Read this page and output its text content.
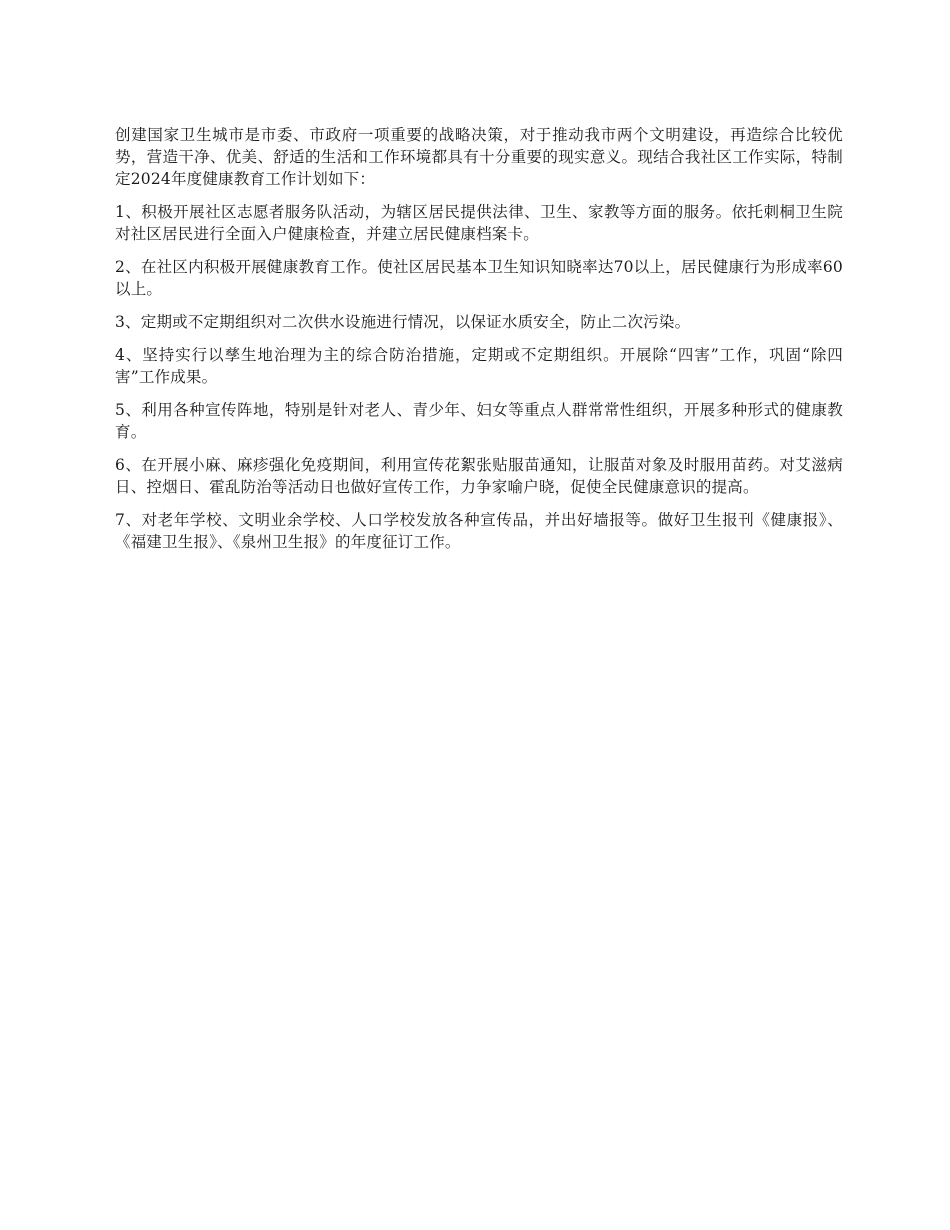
创建国家卫生城市是市委、市政府一项重要的战略决策，对于推动我市两个文明建设，再造综合比较优势，营造干净、优美、舒适的生活和工作环境都具有十分重要的现实意义。现结合我社区工作实际，特制定2024年度健康教育工作计划如下：

1、积极开展社区志愿者服务队活动，为辖区居民提供法律、卫生、家教等方面的服务。依托刺桐卫生院对社区居民进行全面入户健康检查，并建立居民健康档案卡。

2、在社区内积极开展健康教育工作。使社区居民基本卫生知识知晓率达70以上，居民健康行为形成率60以上。

3、定期或不定期组织对二次供水设施进行情况，以保证水质安全，防止二次污染。

4、坚持实行以孳生地治理为主的综合防治措施，定期或不定期组织。开展除“四害”工作，巩固“除四害”工作成果。

5、利用各种宣传阵地，特别是针对老人、青少年、妇女等重点人群常常性组织，开展多种形式的健康教育。

6、在开展小麻、麻疹强化免疫期间，利用宣传花絮张贴服苗通知，让服苗对象及时服用苗药。对艾滋病日、控烟日、霍乱防治等活动日也做好宣传工作，力争家喻户晓，促使全民健康意识的提高。

7、对老年学校、文明业余学校、人口学校发放各种宣传品，并出好墙报等。做好卫生报刊《健康报》、《福建卫生报》、《泉州卫生报》的年度征订工作。
